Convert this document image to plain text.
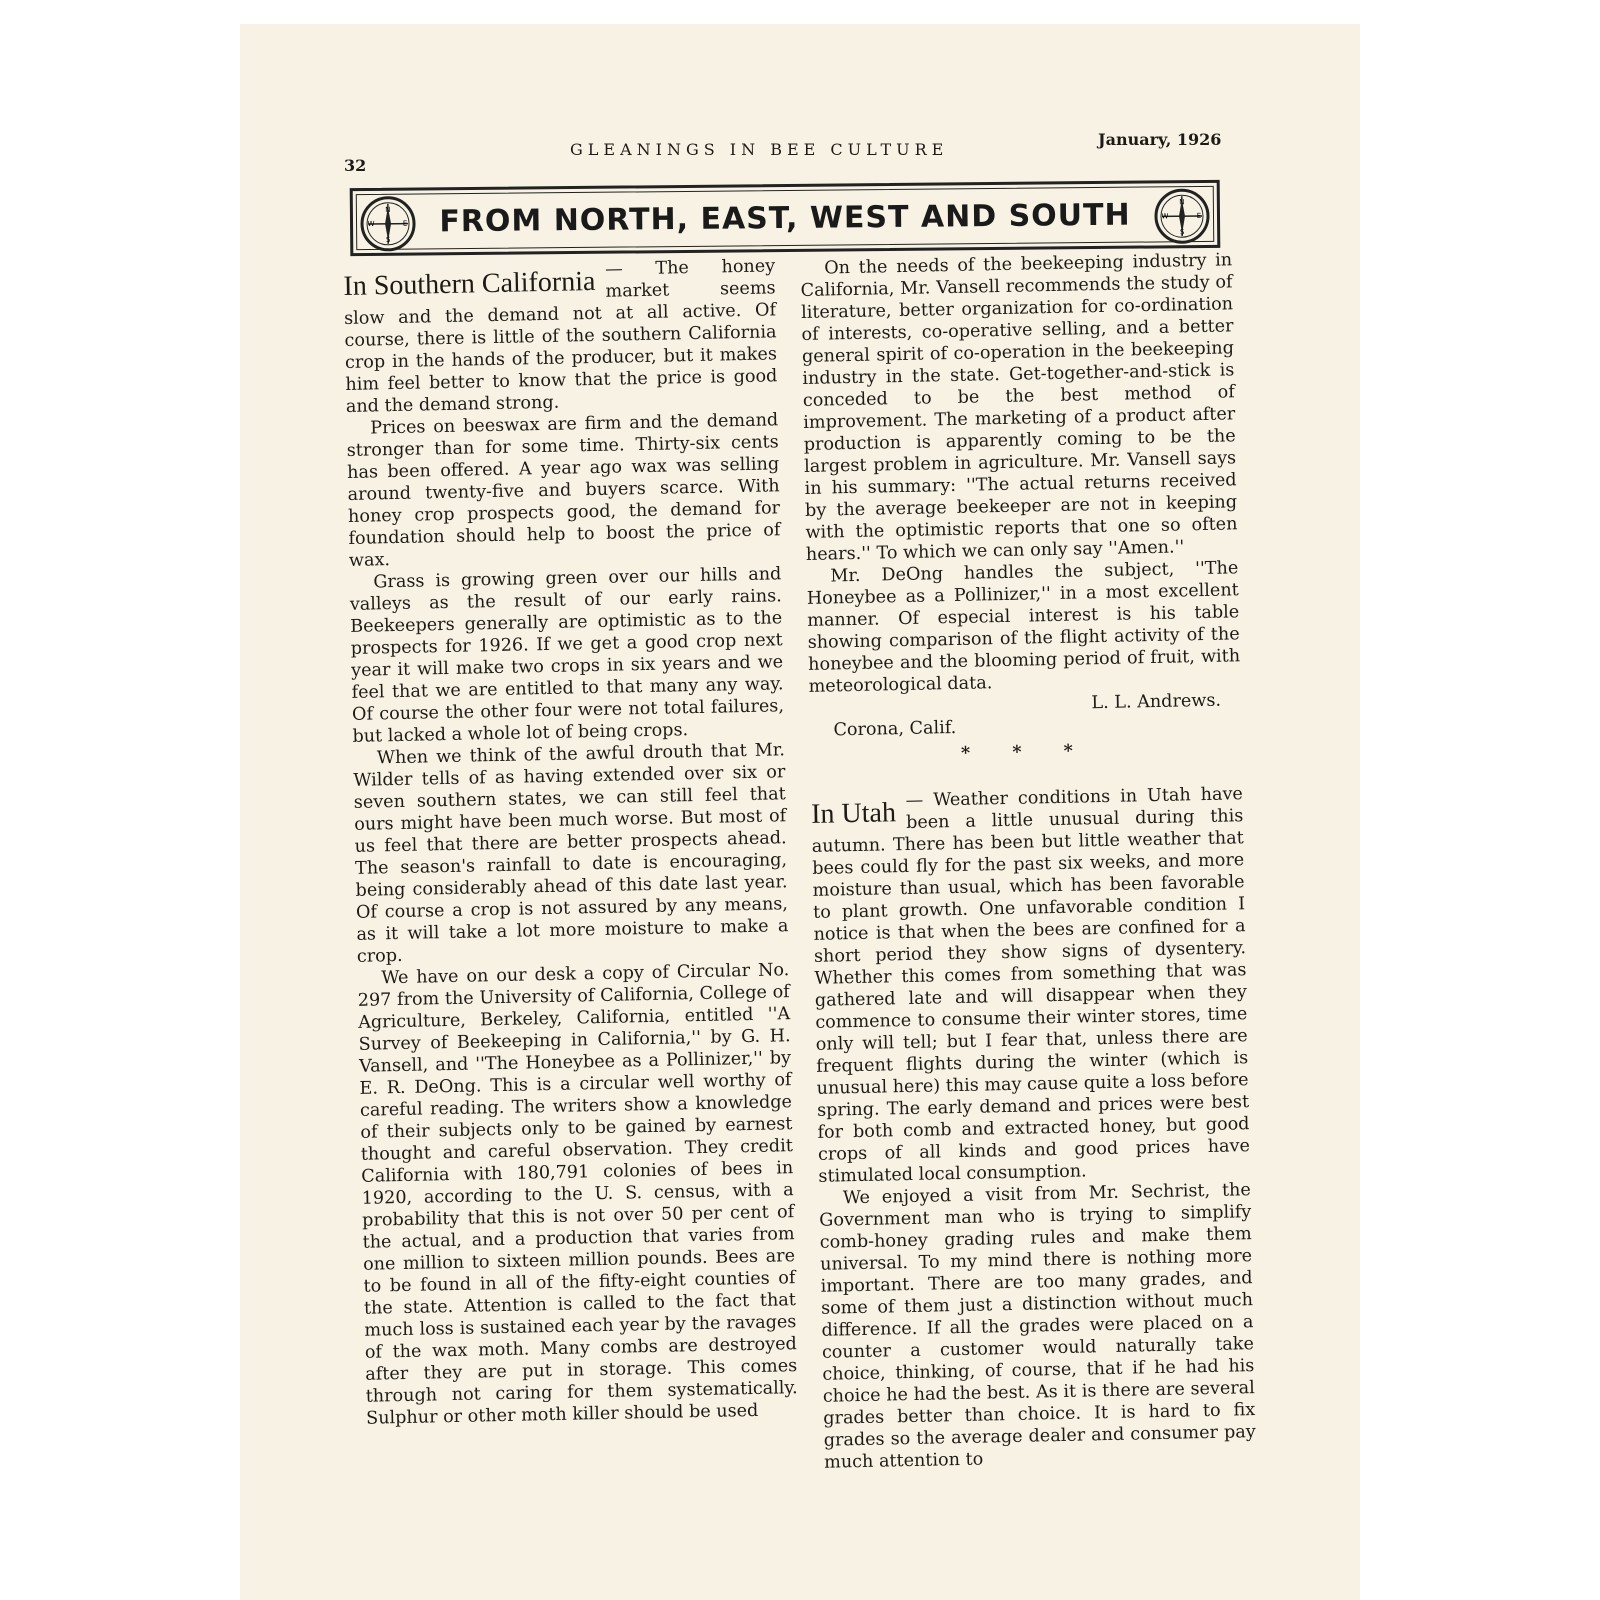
32
GLEANINGS IN BEE CULTURE
January, 1926
N
E
S
W FROM NORTH, EAST, WEST AND SOUTH	N
E
S
W

In Southern California — The honey market seems slow and the demand not at all active. Of course, there is little of the southern California crop in the hands of the producer, but it makes him feel better to know that the price is good and the demand strong.

Prices on beeswax are firm and the demand stronger than for some time. Thirty-six cents has been offered. A year ago wax was selling around twenty-five and buyers scarce. With honey crop prospects good, the demand for foundation should help to boost the price of wax.

Grass is growing green over our hills and valleys as the result of our early rains. Beekeepers generally are optimistic as to the prospects for 1926. If we get a good crop next year it will make two crops in six years and we feel that we are entitled to that many any way. Of course the other four were not total failures, but lacked a whole lot of being crops.

When we think of the awful drouth that Mr. Wilder tells of as having extended over six or seven southern states, we can still feel that ours might have been much worse. But most of us feel that there are better prospects ahead. The season's rainfall to date is encouraging, being considerably ahead of this date last year. Of course a crop is not assured by any means, as it will take a lot more moisture to make a crop.

We have on our desk a copy of Circular No. 297 from the University of California, College of Agriculture, Berkeley, California, entitled ''A Survey of Beekeeping in California,'' by G. H. Vansell, and ''The Honeybee as a Pollinizer,'' by E. R. DeOng. This is a circular well worthy of careful reading. The writers show a knowledge of their subjects only to be gained by earnest thought and careful observation. They credit California with 180,791 colonies of bees in 1920, according to the U. S. census, with a probability that this is not over 50 per cent of the actual, and a production that varies from one million to sixteen million pounds. Bees are to be found in all of the fifty-eight counties of the state. Attention is called to the fact that much loss is sustained each year by the ravages of the wax moth. Many combs are destroyed after they are put in storage. This comes through not caring for them systematically. Sulphur or other moth killer should be used

On the needs of the beekeeping industry in California, Mr. Vansell recommends the study of literature, better organization for co-ordination of interests, co-operative selling, and a better general spirit of co-operation in the beekeeping industry in the state. Get-together-and-stick is conceded to be the best method of improvement. The marketing of a product after production is apparently coming to be the largest problem in agriculture. Mr. Vansell says in his summary: ''The actual returns received by the average beekeeper are not in keeping with the optimistic reports that one so often hears.'' To which we can only say ''Amen.''

Mr. DeOng handles the subject, ''The Honeybee as a Pollinizer,'' in a most excellent manner. Of especial interest is his table showing comparison of the flight activity of the honeybee and the blooming period of fruit, with meteorological data.

L. L. Andrews.

Corona, Calif.

* * *

In Utah — Weather conditions in Utah have been a little unusual during this autumn. There has been but little weather that bees could fly for the past six weeks, and more moisture than usual, which has been favorable to plant growth. One unfavorable condition I notice is that when the bees are confined for a short period they show signs of dysentery. Whether this comes from something that was gathered late and will disappear when they commence to consume their winter stores, time only will tell; but I fear that, unless there are frequent flights during the winter (which is unusual here) this may cause quite a loss before spring. The early demand and prices were best for both comb and extracted honey, but good crops of all kinds and good prices have stimulated local consumption.

We enjoyed a visit from Mr. Sechrist, the Government man who is trying to simplify comb-honey grading rules and make them universal. To my mind there is nothing more important. There are too many grades, and some of them just a distinction without much difference. If all the grades were placed on a counter a customer would naturally take choice, thinking, of course, that if he had his choice he had the best. As it is there are several grades better than choice. It is hard to fix grades so the average dealer and consumer pay much attention to
